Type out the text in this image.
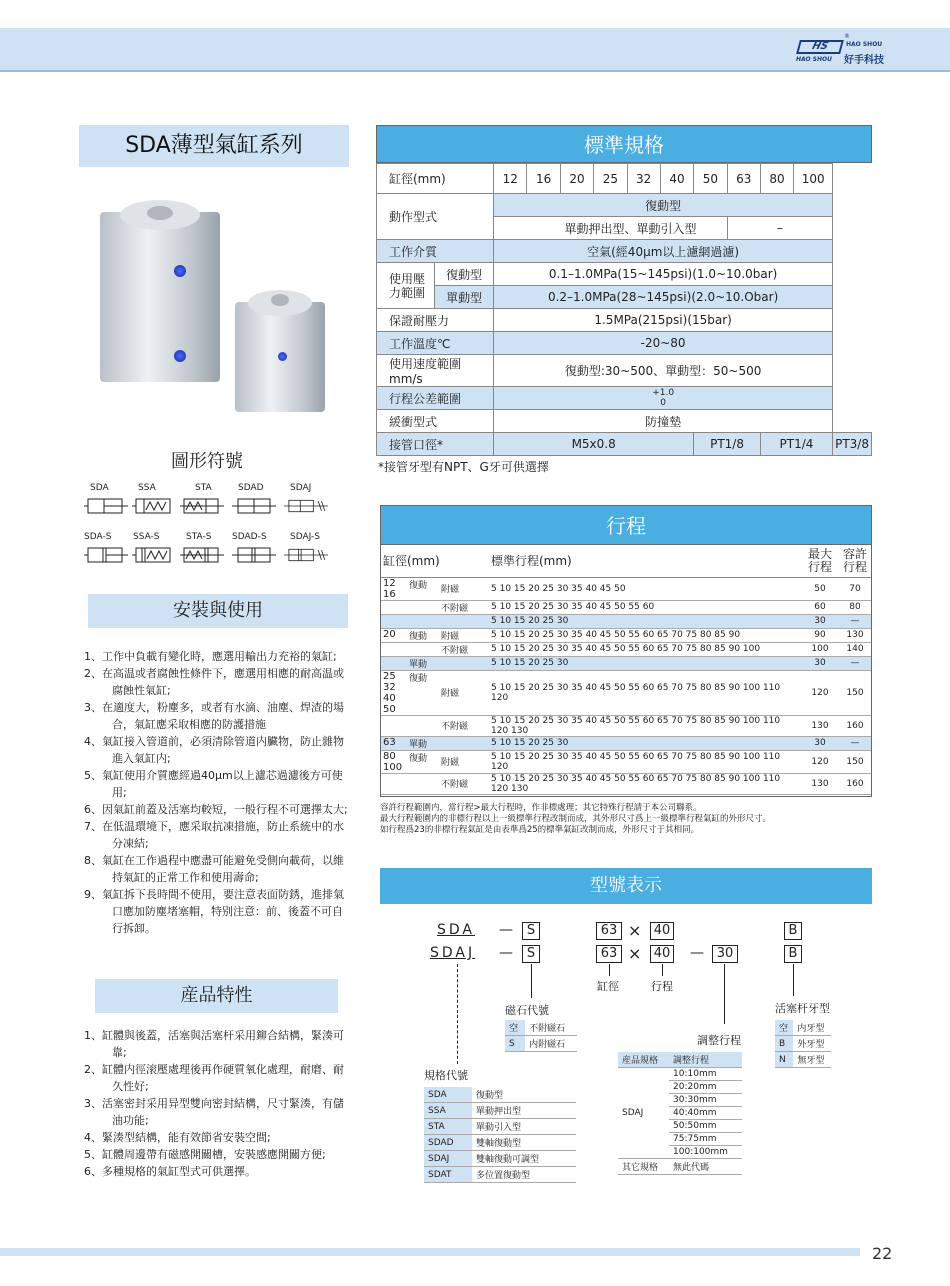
®
HS	HAO SHOU
HAO SHOU 好手科技
SDA薄型氣缸系列
圖形符號
SDA	SSA	STA	SDAD	SDAJ
SDA-S SSA-S	STA-S SDAD-S	SDAJ-S
安裝與使用
1、工作中負載有變化時，應選用輸出力充裕的氣缸;
2、在高温或者腐蝕性條件下，應選用相應的耐高温或腐蝕性氣缸;
3、在適度大，粉塵多，或者有水滴、油塵、焊渣的場合，氣缸應采取相應的防護措施
4、氣缸接入管道前，必須清除管道内臟物，防止雜物進入氣缸内;
5、氣缸使用介質應經過40μm以上濾芯過濾後方可使用;
6、因氣缸前蓋及活塞均較短，一般行程不可選擇太大;
7、在低温環境下，應采取抗凍措施，防止系統中的水分凍結;
8、氣缸在工作過程中應盡可能避免受側向載荷，以維持氣缸的正常工作和使用壽命;
9、氣缸拆下長時間不使用，要注意表面防銹，進排氣口應加防塵堵塞帽，特别注意：前、後蓋不可自行拆卸。
産品特性
1、缸體與後蓋，活塞與活塞杆采用鉚合結構，緊湊可靠;
2、缸體内徑滚壓處理後再作硬質氧化處理，耐磨、耐久性好;
3、活塞密封采用异型雙向密封結構，尺寸緊湊，有儲油功能;
4、緊湊型結構，能有效節省安裝空間;
5、缸體周邊帶有磁感開關槽，安裝感應開關方便;
6、多種規格的氣缸型式可供選擇。
標準規格
缸徑(mm)		12	16	20	25	32	40	50	63	80	100	
動作型式		復動型										
		單動押出型、單動引入型							–			
工作介質		空氣(經40μm以上濾網過濾)										
使用壓力範圍	復動型	0.1–1.0MPa(15~145psi)(1.0~10.0bar)										
	單動型	0.2–1.0MPa(28~145psi)(2.0~10.Obar)										
保證耐壓力		1.5MPa(215psi)(15bar)										
工作溫度℃		-20~80										
使用速度範圍mm/s		復動型:30~500、單動型：50~500										
行程公差範圍		+1.0
0										

緩衝型式		防撞墊										
接管口徑*		M5x0.8						PT1/8		PT1/4		PT3/8
*接管牙型有NPT、G牙可供選擇
行程
缸徑(mm)			標準行程(mm)	最大行程	容許行程
12
16	復動	附磁	5 10 15 20 25 30 35 40 45 50	50	70
		不附磁	5 10 15 20 25 30 35 40 45 50 55 60	60	80
			5 10 15 20 25 30	30	—
20	復動	附磁	5 10 15 20 25 30 35 40 45 50 55 60 65 70 75 80 85 90	90	130
		不附磁	5 10 15 20 25 30 35 40 45 50 55 60 65 70 75 80 85 90 100	100	140
	單動		5 10 15 20 25 30	30	—
25
32
40
50	復動	附磁	5 10 15 20 25 30 35 40 45 50 55 60 65 70 75 80 85 90 100 110 120	120	150
		不附磁	5 10 15 20 25 30 35 40 45 50 55 60 65 70 75 80 85 90 100 110 120 130	130	160
63	單動		5 10 15 20 25 30	30	—
80
100	復動	附磁	5 10 15 20 25 30 35 40 45 50 55 60 65 70 75 80 85 90 100 110 120	120	150
		不附磁	5 10 15 20 25 30 35 40 45 50 55 60 65 70 75 80 85 90 100 110 120 130	130	160
容許行程範圍内，當行程>最大行程時，作非標處理；其它特殊行程請于本公司聯系。
最大行程範圍内的非標行程以上一級標準行程改制而成，其外形尺寸爲上一級標準行程氣缸的外形尺寸。
如行程爲23的非標行程氣缸是由表準爲25的標準氣缸改制而成，外形尺寸于其相同。
型號表示
SDA —	S	63 × 40	B
SDAJ —	S	63 × 40 — 30	B
缸徑	行程
磁石代號
空	不附磁石
S	内附磁石
活塞杆牙型
空	内牙型
B	外牙型
N	無牙型
調整行程
産品規格	調整行程
SDAJ	10:10mm
	20:20mm
	30:30mm
	40:40mm
	50:50mm
	75:75mm
	100:100mm
其它規格	無此代碼
規格代號
SDA	復動型
SSA	單動押出型
STA	單動引入型
SDAD	雙軸復動型
SDAJ	雙軸復動可調型
SDAT	多位置復動型
22
